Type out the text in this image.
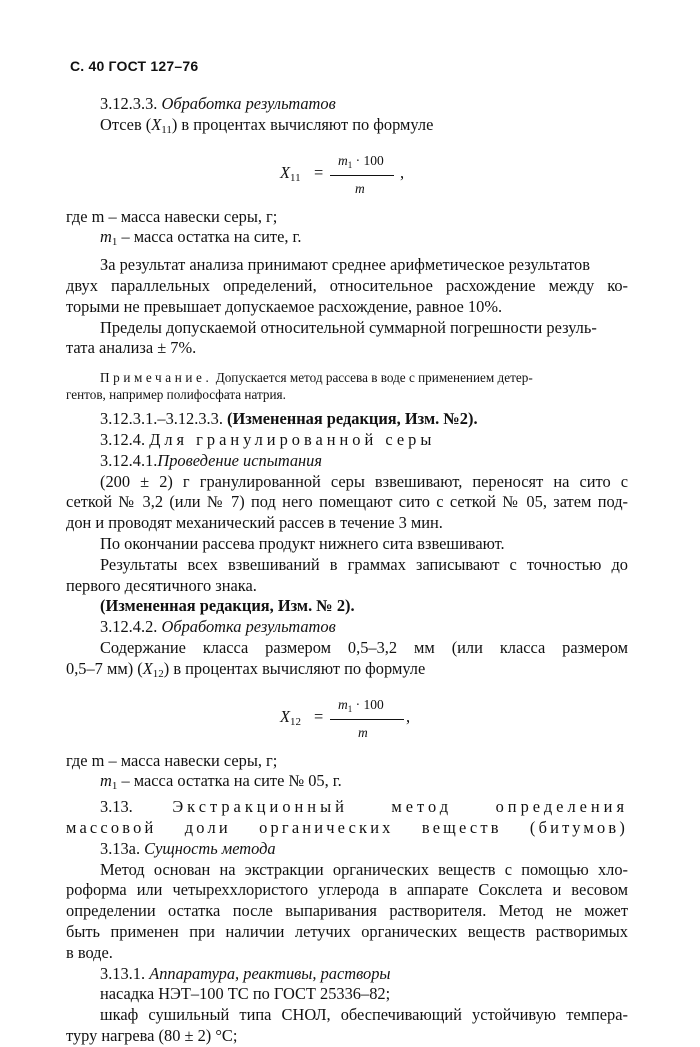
С. 40 ГОСТ 127–76

3.12.3.3. Обработка результатов

Отсев $(X_{11})$ в процентах вычисляют по формуле

$X_{11}$ =
$m_1 \cdot 100$
m
,

где m – масса навески серы, г;

$m_1$ – масса остатка на сите, г.

За результат анализа принимают среднее арифметическое результатов

двух параллельных определений, относительное расхождение между ко-

торыми не превышает допускаемое расхождение, равное 10%.

Пределы допускаемой относительной суммарной погрешности резуль-

тата анализа ± 7%.

Примечание. Допускается метод рассева в воде с применением детер-

гентов, например полифосфата натрия.

3.12.3.1.–3.12.3.3. (Измененная редакция, Изм. №2).

3.12.4. Для гранулированной серы

3.12.4.1.Проведение испытания

(200 ± 2) г гранулированной серы взвешивают, переносят на сито с

сеткой № 3,2 (или № 7) под него помещают сито с сеткой № 05, затем под-

дон и проводят механический рассев в течение 3 мин.

По окончании рассева продукт нижнего сита взвешивают.

Результаты всех взвешиваний в граммах записывают с точностью до

первого десятичного знака.

(Измененная редакция, Изм. № 2).

3.12.4.2. Обработка результатов

Содержание класса размером 0,5–3,2 мм (или класса размером

0,5–7 мм) $(X_{12})$ в процентах вычисляют по формуле

$X_{12}$ =
$m_1 \cdot 100$
m
,

где m – масса навески серы, г;

$m_1$ – масса остатка на сите № 05, г.

3.13. Экстракционный метод определения

массовой доли органических веществ (битумов)

3.13а. Сущность метода

Метод основан на экстракции органических веществ с помощью хло-

роформа или четыреххлористого углерода в аппарате Сокслета и весовом

определении остатка после выпаривания растворителя. Метод не может

быть применен при наличии летучих органических веществ растворимых

в воде.

3.13.1. Аппаратура, реактивы, растворы

насадка НЭТ–100 ТС по ГОСТ 25336–82;

шкаф сушильный типа СНОЛ, обеспечивающий устойчивую темпера-

туру нагрева (80 ± 2) °С;
